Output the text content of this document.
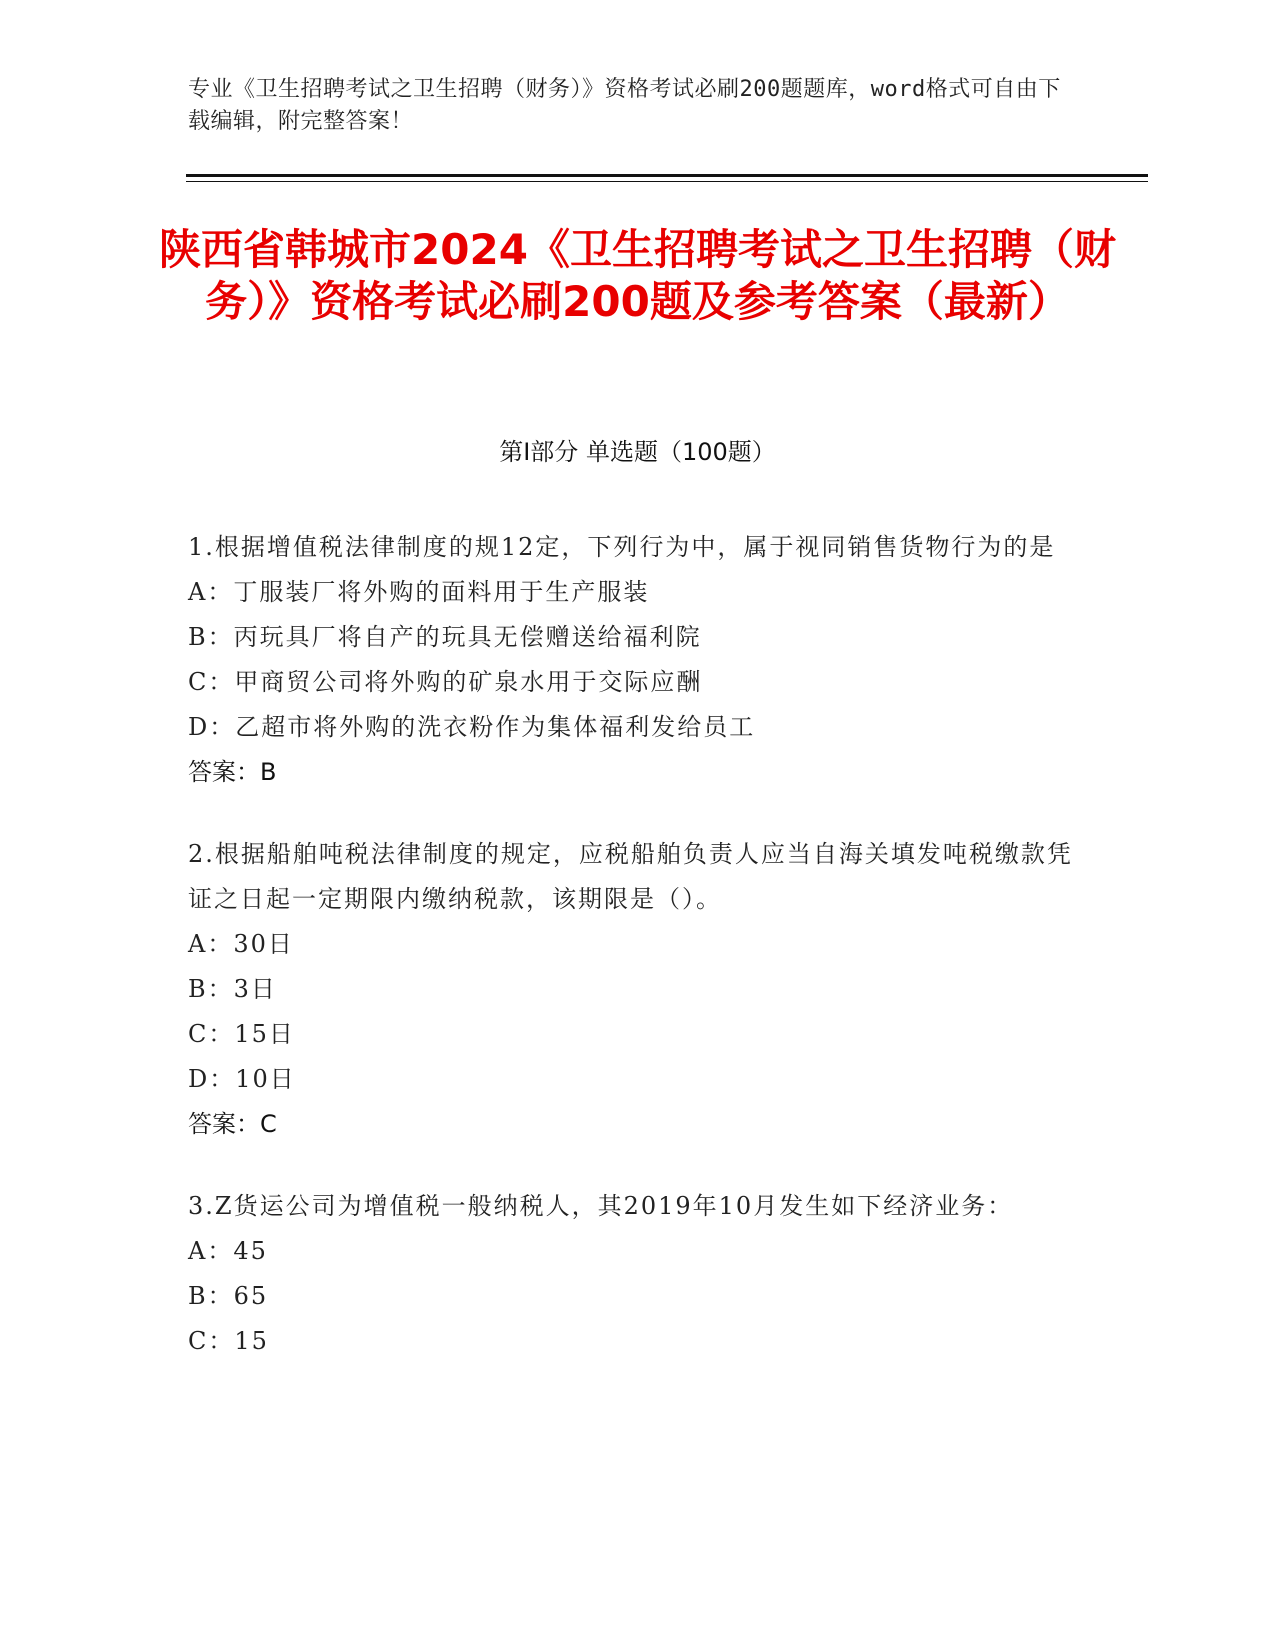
专业《卫生招聘考试之卫生招聘（财务）》资格考试必刷200题题库，word格式可自由下载编辑，附完整答案！
陕西省韩城市2024《卫生招聘考试之卫生招聘（财务）》资格考试必刷200题及参考答案（最新）
第Ⅰ部分 单选题（100题）

1.根据增值税法律制度的规12定，下列行为中，属于视同销售货物行为的是

A：丁服装厂将外购的面料用于生产服装

B：丙玩具厂将自产的玩具无偿赠送给福利院

C：甲商贸公司将外购的矿泉水用于交际应酬

D：乙超市将外购的洗衣粉作为集体福利发给员工

答案：B

2.根据船舶吨税法律制度的规定，应税船舶负责人应当自海关填发吨税缴款凭证之日起一定期限内缴纳税款，该期限是（）。

A：30日

B：3日

C：15日

D：10日

答案：C

3.Z货运公司为增值税一般纳税人，其2019年10月发生如下经济业务：

A：45

B：65

C：15
